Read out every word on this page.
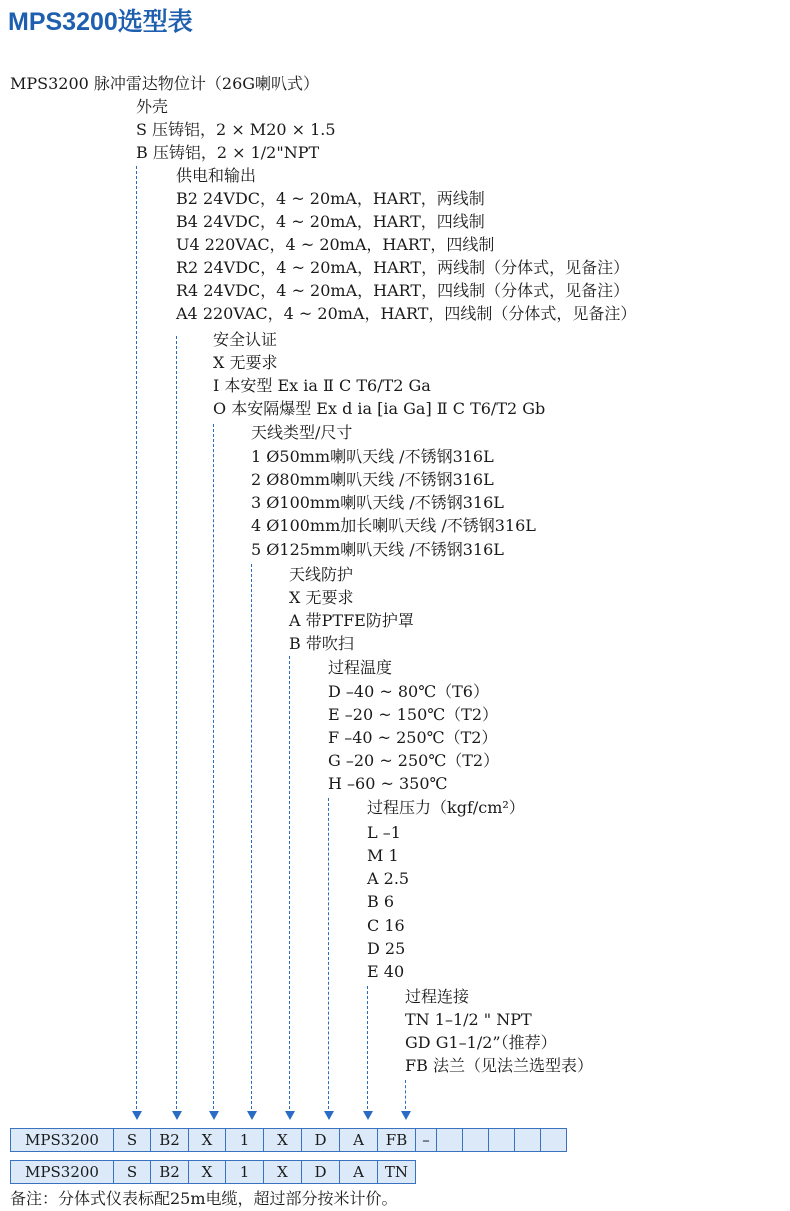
MPS3200选型表
MPS3200 脉冲雷达物位计（26G喇叭式）
外壳
S 压铸铝，2 × M20 × 1.5
B 压铸铝，2 × 1/2"NPT
供电和输出
B2 24VDC，4 ~ 20mA，HART，两线制
B4 24VDC，4 ~ 20mA，HART，四线制
U4 220VAC，4 ~ 20mA，HART，四线制
R2 24VDC，4 ~ 20mA，HART，两线制（分体式，见备注）
R4 24VDC，4 ~ 20mA，HART，四线制（分体式，见备注）
A4 220VAC，4 ~ 20mA，HART，四线制（分体式，见备注）
安全认证
X 无要求
I 本安型 Ex ia Ⅱ C T6/T2 Ga
O 本安隔爆型 Ex d ia [ia Ga] Ⅱ C T6/T2 Gb
天线类型/尺寸
1 Ø50mm喇叭天线 /不锈钢316L
2 Ø80mm喇叭天线 /不锈钢316L
3 Ø100mm喇叭天线 /不锈钢316L
4 Ø100mm加长喇叭天线 /不锈钢316L
5 Ø125mm喇叭天线 /不锈钢316L
天线防护
X 无要求
A 带PTFE防护罩
B 带吹扫
过程温度
D –40 ~ 80℃（T6）
E –20 ~ 150℃（T2）
F –40 ~ 250℃（T2）
G –20 ~ 250℃（T2）
H –60 ~ 350℃
过程压力（kgf/cm²）
L –1
M 1
A 2.5
B 6
C 16
D 25
E 40
过程连接
TN 1–1/2 " NPT
GD G1–1/2”（推荐）
FB 法兰（见法兰选型表）
MPS3200	S	B2	X	1	X	D	A	FB	–
MPS3200	S	B2	X	1	X	D	A	TN
备注：分体式仪表标配25m电缆，超过部分按米计价。
